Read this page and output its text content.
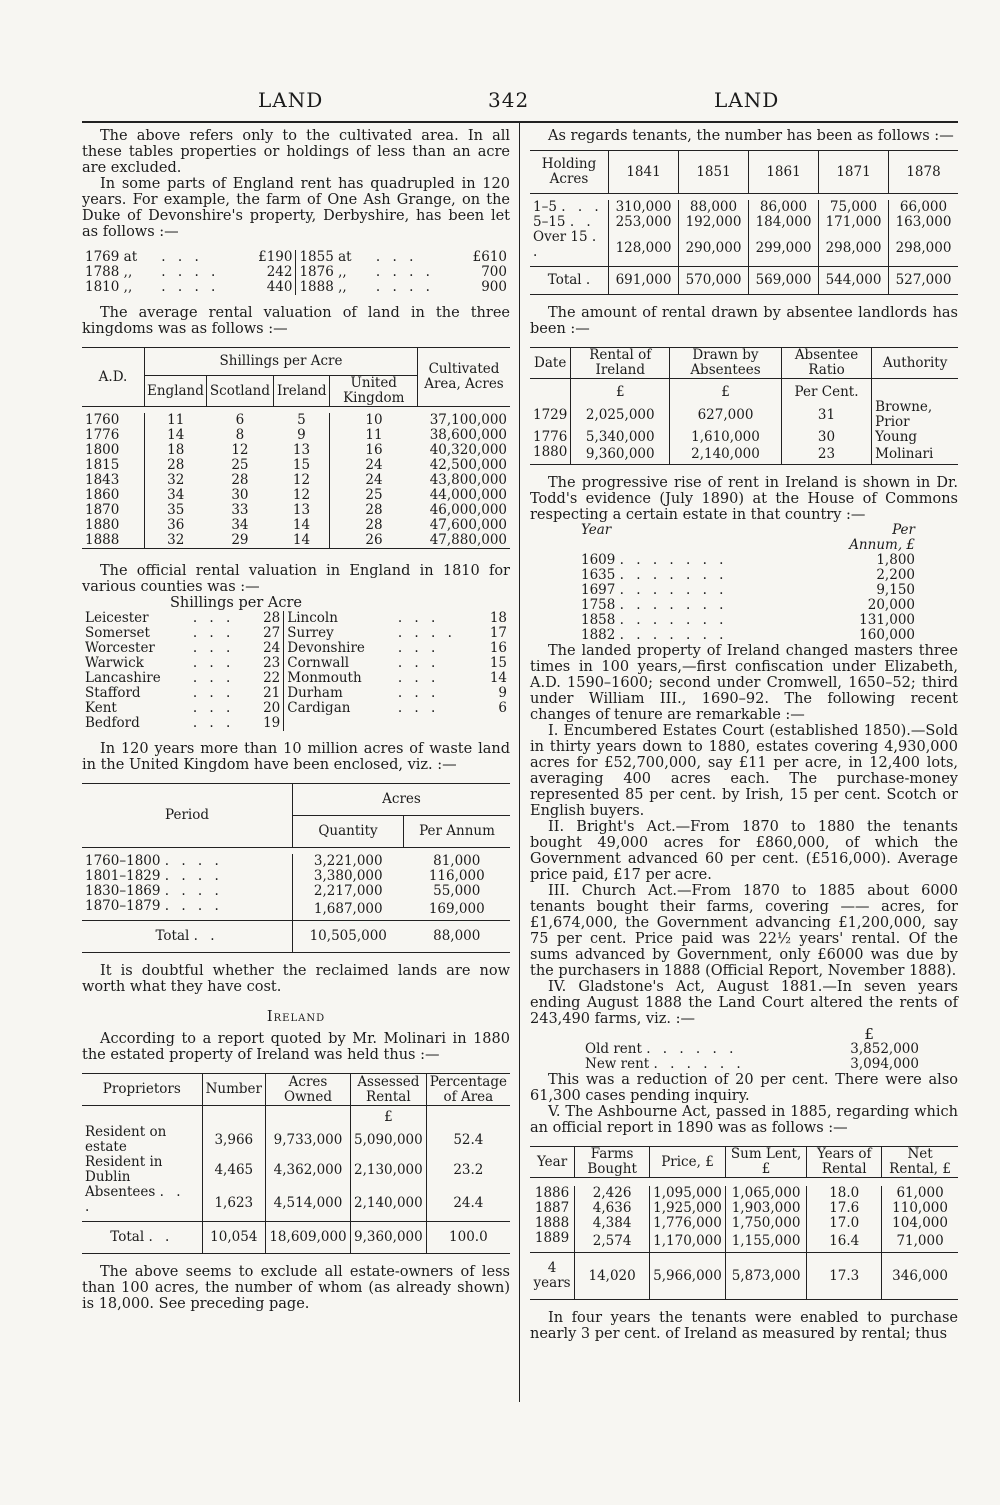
LAND	342	LAND

The above refers only to the cultivated area. In all these tables properties or holdings of less than an acre are excluded.

In some parts of England rent has quadrupled in 120 years. For example, the farm of One Ash Grange, on the Duke of Devonshire's property, Derbyshire, has been let as follows :—

1769 at	. . .	£190	1855 at	. . .	£610
1788 ,,	. . . .	242	1876 ,,	. . . .	700
1810 ,,	. . . .	440	1888 ,,	. . . .	900

The average rental valuation of land in the three kingdoms was as follows :—

A.D.	Shillings per Acre				Cultivated Area, Acres
	England	Scotland	Ireland	United Kingdom	

1760	11	6	5	10	37,100,000
1776	14	8	9	11	38,600,000
1800	18	12	13	16	40,320,000
1815	28	25	15	24	42,500,000
1843	32	28	12	24	43,800,000
1860	34	30	12	25	44,000,000
1870	35	33	13	28	46,000,000
1880	36	34	14	28	47,600,000
1888	32	29	14	26	47,880,000

The official rental valuation in England in 1810 for various counties was :—

Shillings per Acre
Leicester	. . .	28	Lincoln	. . .	18
Somerset	. . .	27	Surrey	. . . .	17
Worcester	. . .	24	Devonshire	. . .	16
Warwick	. . .	23	Cornwall	. . .	15
Lancashire	. . .	22	Monmouth	. . .	14
Stafford	. . .	21	Durham	. . .	9
Kent	. . .	20	Cardigan	. . .	6
Bedford	. . .	19			

In 120 years more than 10 million acres of waste land in the United Kingdom have been enclosed, viz. :—

Period	Acres	
	Quantity	Per Annum

1760–1800 . . . .	3,221,000	81,000
1801–1829 . . . .	3,380,000	116,000
1830–1869 . . . .	2,217,000	55,000
1870–1879 . . . .	1,687,000	169,000
Total . .	10,505,000	88,000

It is doubtful whether the reclaimed lands are now worth what they have cost.

Ireland

According to a report quoted by Mr. Molinari in 1880 the estated property of Ireland was held thus :—

Proprietors	Number	Acres Owned	Assessed Rental	Percentage of Area
			£	
Resident on estate	3,966	9,733,000	5,090,000	52.4
Resident in Dublin	4,465	4,362,000	2,130,000	23.2
Absentees . . .	1,623	4,514,000	2,140,000	24.4
Total . .	10,054	18,609,000	9,360,000	100.0

The above seems to exclude all estate-owners of less than 100 acres, the number of whom (as already shown) is 18,000. See preceding page.

As regards tenants, the number has been as follows :—

Holding Acres	1841	1851	1861	1871	1878

1–5 . . .	310,000	88,000	86,000	75,000	66,000
5–15 . .	253,000	192,000	184,000	171,000	163,000
Over 15 . .	128,000	290,000	299,000	298,000	298,000
Total .	691,000	570,000	569,000	544,000	527,000

The amount of rental drawn by absentee landlords has been :—

Date	Rental of Ireland	Drawn by Absentees	Absentee Ratio	Authority
	£	£	Per Cent.	
1729	2,025,000	627,000	31	Browne, Prior
1776	5,340,000	1,610,000	30	Young
1880	9,360,000	2,140,000	23	Molinari

The progressive rise of rent in Ireland is shown in Dr. Todd's evidence (July 1890) at the House of Commons respecting a certain estate in that country :—

Year	Per
	Annum, £
1609 . . . . . . .	1,800
1635 . . . . . . .	2,200
1697 . . . . . . .	9,150
1758 . . . . . . .	20,000
1858 . . . . . . .	131,000
1882 . . . . . . .	160,000

The landed property of Ireland changed masters three times in 100 years,—first confiscation under Elizabeth, A.D. 1590–1600; second under Cromwell, 1650–52; third under William III., 1690–92. The following recent changes of tenure are remarkable :—

I. Encumbered Estates Court (established 1850).—Sold in thirty years down to 1880, estates covering 4,930,000 acres for £52,700,000, say £11 per acre, in 12,400 lots, averaging 400 acres each. The purchase-money represented 85 per cent. by Irish, 15 per cent. Scotch or English buyers.

II. Bright's Act.—From 1870 to 1880 the tenants bought 49,000 acres for £860,000, of which the Government advanced 60 per cent. (£516,000). Average price paid, £17 per acre.

III. Church Act.—From 1870 to 1885 about 6000 tenants bought their farms, covering —— acres, for £1,674,000, the Government advancing £1,200,000, say 75 per cent. Price paid was 22½ years' rental. Of the sums advanced by Government, only £6000 was due by the purchasers in 1888 (Official Report, November 1888).

IV. Gladstone's Act, August 1881.—In seven years ending August 1888 the Land Court altered the rents of 243,490 farms, viz. :—

	£
Old rent . . . . . .	3,852,000
New rent . . . . . .	3,094,000

This was a reduction of 20 per cent. There were also 61,300 cases pending inquiry.

V. The Ashbourne Act, passed in 1885, regarding which an official report in 1890 was as follows :—

Year	Farms Bought	Price, £	Sum Lent, £	Years of Rental	Net Rental, £

1886	2,426	1,095,000	1,065,000	18.0	61,000
1887	4,636	1,925,000	1,903,000	17.6	110,000
1888	4,384	1,776,000	1,750,000	17.0	104,000
1889	2,574	1,170,000	1,155,000	16.4	71,000
4 years	14,020	5,966,000	5,873,000	17.3	346,000

In four years the tenants were enabled to purchase nearly 3 per cent. of Ireland as measured by rental; thus
